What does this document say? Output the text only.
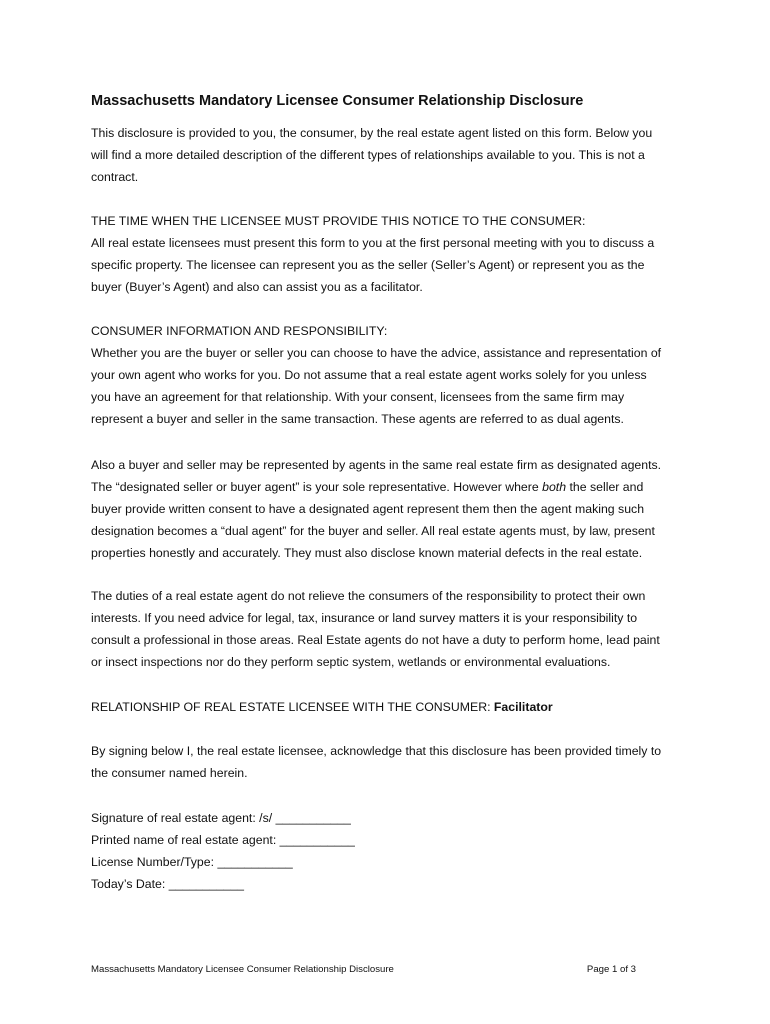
Massachusetts Mandatory Licensee Consumer Relationship Disclosure
This disclosure is provided to you, the consumer, by the real estate agent listed on this form. Below you
will find a more detailed description of the different types of relationships available to you. This is not a
contract.
THE TIME WHEN THE LICENSEE MUST PROVIDE THIS NOTICE TO THE CONSUMER:
All real estate licensees must present this form to you at the first personal meeting with you to discuss a
specific property. The licensee can represent you as the seller (Seller’s Agent) or represent you as the
buyer (Buyer’s Agent) and also can assist you as a facilitator.
CONSUMER INFORMATION AND RESPONSIBILITY:
Whether you are the buyer or seller you can choose to have the advice, assistance and representation of
your own agent who works for you. Do not assume that a real estate agent works solely for you unless
you have an agreement for that relationship. With your consent, licensees from the same firm may
represent a buyer and seller in the same transaction. These agents are referred to as dual agents.
Also a buyer and seller may be represented by agents in the same real estate firm as designated agents.
The “designated seller or buyer agent” is your sole representative. However where both the seller and
buyer provide written consent to have a designated agent represent them then the agent making such
designation becomes a “dual agent” for the buyer and seller. All real estate agents must, by law, present
properties honestly and accurately. They must also disclose known material defects in the real estate.
The duties of a real estate agent do not relieve the consumers of the responsibility to protect their own
interests. If you need advice for legal, tax, insurance or land survey matters it is your responsibility to
consult a professional in those areas. Real Estate agents do not have a duty to perform home, lead paint
or insect inspections nor do they perform septic system, wetlands or environmental evaluations.
RELATIONSHIP OF REAL ESTATE LICENSEE WITH THE CONSUMER: Facilitator
By signing below I, the real estate licensee, acknowledge that this disclosure has been provided timely to
the consumer named herein.
Signature of real estate agent: /s/ ___________
Printed name of real estate agent: ___________
License Number/Type: ___________
Today’s Date: ___________
Massachusetts Mandatory Licensee Consumer Relationship Disclosure	Page 1 of 3
